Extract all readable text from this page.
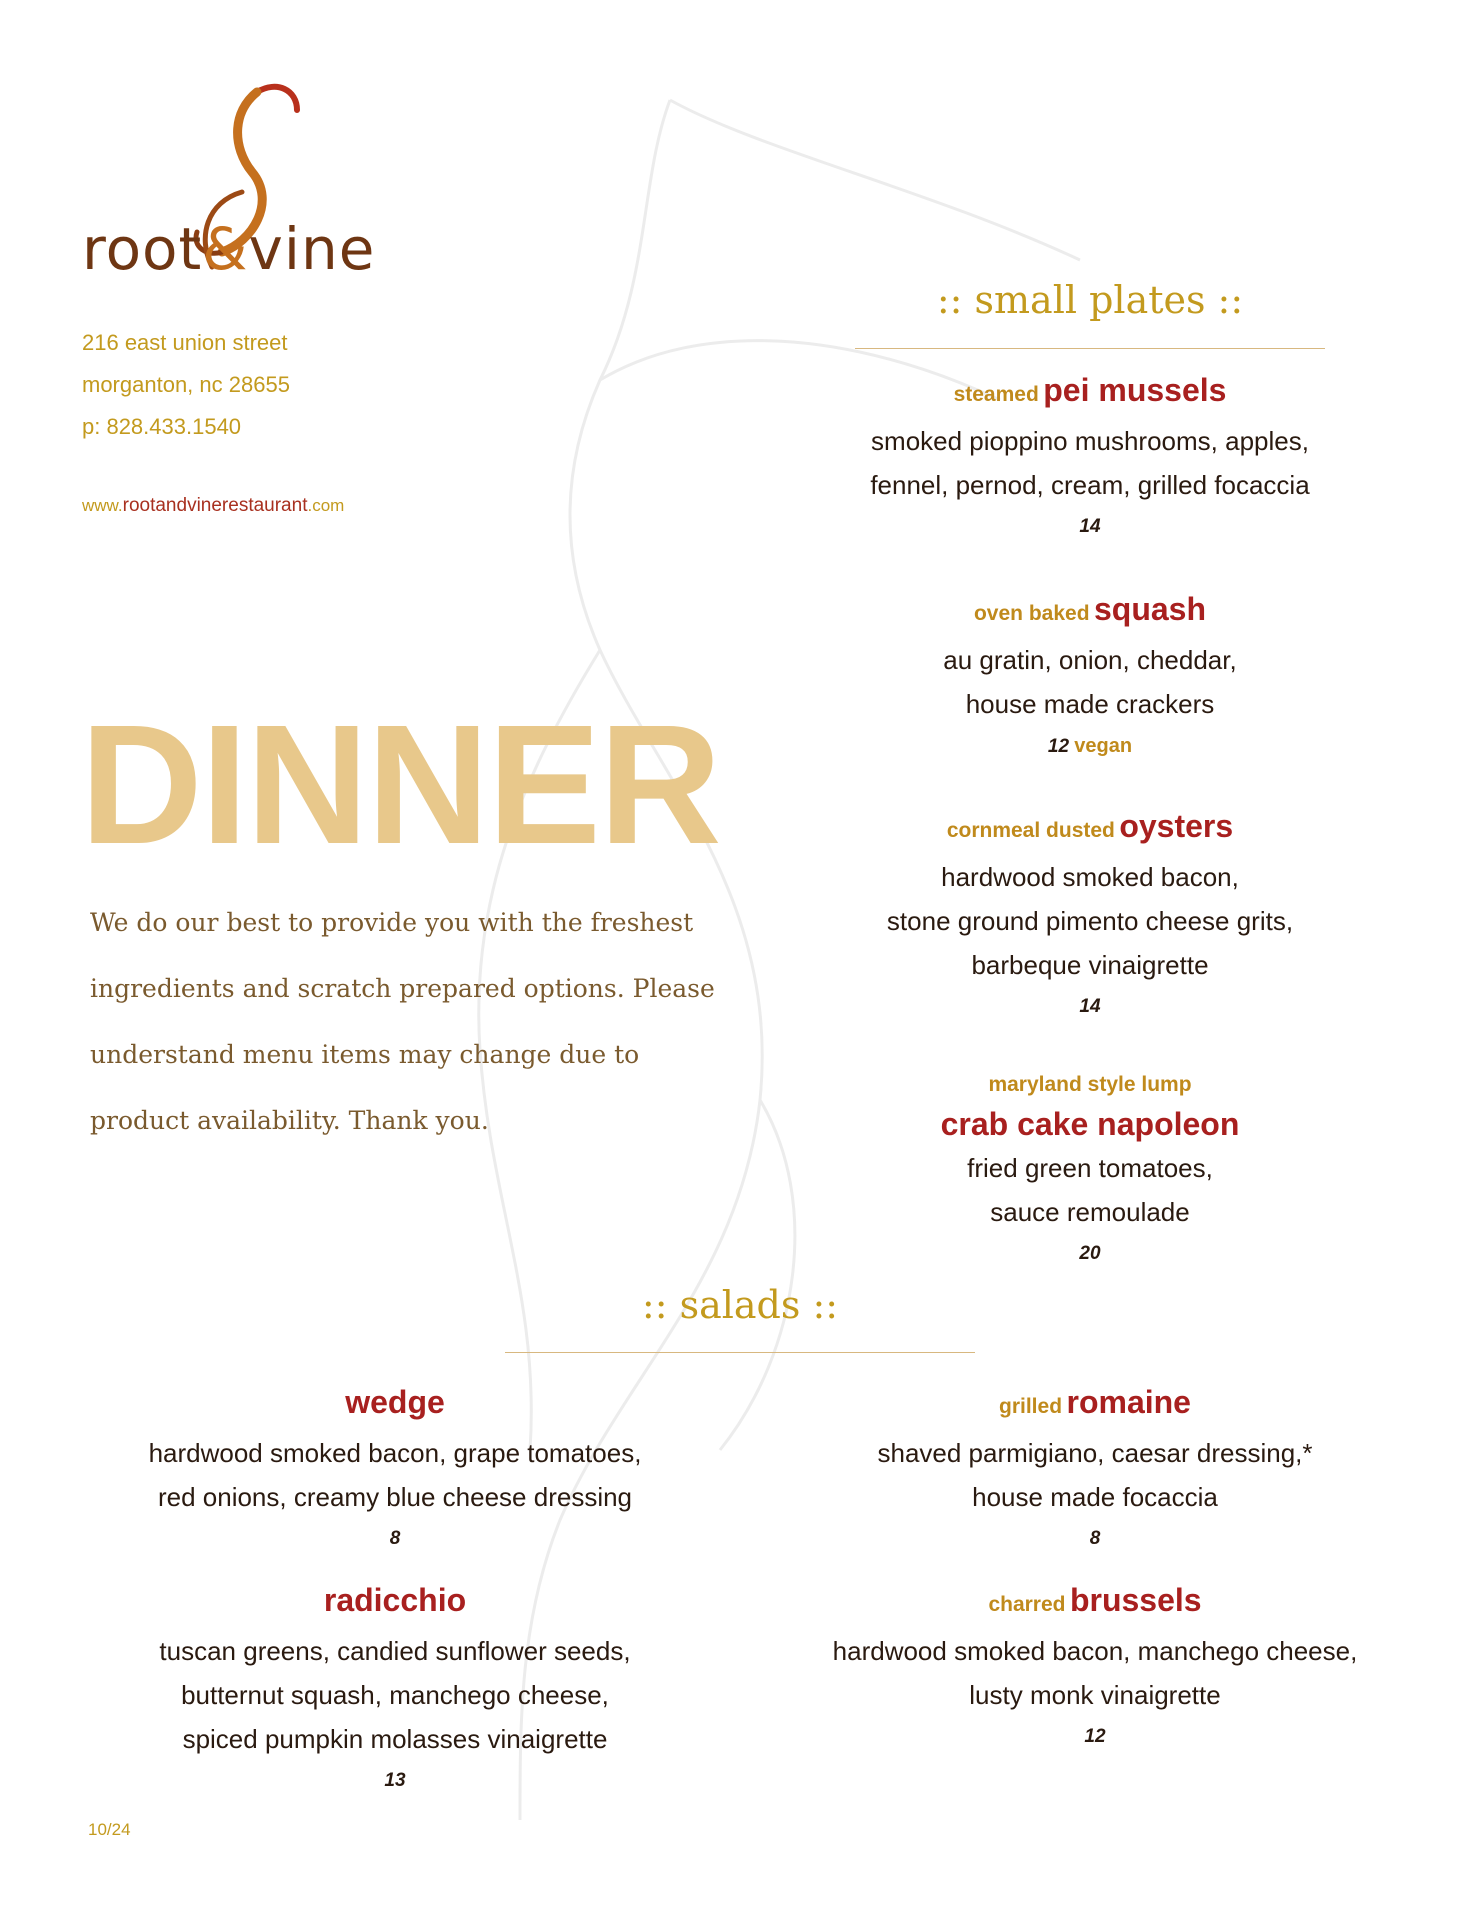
root&vine
216 east union street
morganton, nc 28655
p: 828.433.1540
www.rootandvinerestaurant.com
DINNER
We do our best to provide you with the freshest ingredients and scratch prepared options. Please understand menu items may change due to product availability. Thank you.
:: small plates ::
steamed pei mussels
smoked pioppino mushrooms, apples,
fennel, pernod, cream, grilled focaccia
14
oven baked squash
au gratin, onion, cheddar,
house made crackers
12 vegan
cornmeal dusted oysters
hardwood smoked bacon,
stone ground pimento cheese grits,
barbeque vinaigrette
14
maryland style lump
crab cake napoleon
fried green tomatoes,
sauce remoulade
20
:: salads ::
wedge
hardwood smoked bacon, grape tomatoes,
red onions, creamy blue cheese dressing
8
grilled romaine
shaved parmigiano, caesar dressing,*
house made focaccia
8
radicchio
tuscan greens, candied sunflower seeds,
butternut squash, manchego cheese,
spiced pumpkin molasses vinaigrette
13
charred brussels
hardwood smoked bacon, manchego cheese,
lusty monk vinaigrette
12
10/24
